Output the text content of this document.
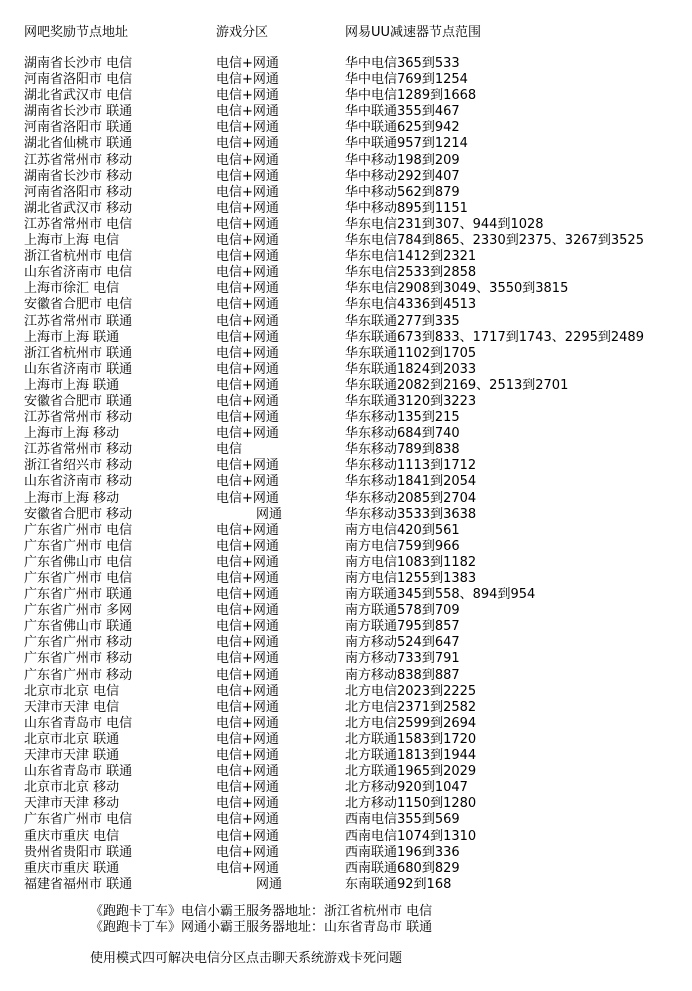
网吧奖励节点地址	游戏分区	网易UU减速器节点范围
湖南省长沙市 电信	电信+网通	华中电信365到533
河南省洛阳市 电信	电信+网通	华中电信769到1254
湖北省武汉市 电信	电信+网通	华中电信1289到1668
湖南省长沙市 联通	电信+网通	华中联通355到467
河南省洛阳市 联通	电信+网通	华中联通625到942
湖北省仙桃市 联通	电信+网通	华中联通957到1214
江苏省常州市 移动	电信+网通	华中移动198到209
湖南省长沙市 移动	电信+网通	华中移动292到407
河南省洛阳市 移动	电信+网通	华中移动562到879
湖北省武汉市 移动	电信+网通	华中移动895到1151
江苏省常州市 电信	电信+网通	华东电信231到307、944到1028
上海市上海 电信	电信+网通	华东电信784到865、2330到2375、3267到3525
浙江省杭州市 电信	电信+网通	华东电信1412到2321
山东省济南市 电信	电信+网通	华东电信2533到2858
上海市徐汇 电信	电信+网通	华东电信2908到3049、3550到3815
安徽省合肥市 电信	电信+网通	华东电信4336到4513
江苏省常州市 联通	电信+网通	华东联通277到335
上海市上海 联通	电信+网通	华东联通673到833、1717到1743、2295到2489
浙江省杭州市 联通	电信+网通	华东联通1102到1705
山东省济南市 联通	电信+网通	华东联通1824到2033
上海市上海 联通	电信+网通	华东联通2082到2169、2513到2701
安徽省合肥市 联通	电信+网通	华东联通3120到3223
江苏省常州市 移动	电信+网通	华东移动135到215
上海市上海 移动	电信+网通	华东移动684到740
江苏省常州市 移动	电信	华东移动789到838
浙江省绍兴市 移动	电信+网通	华东移动1113到1712
山东省济南市 移动	电信+网通	华东移动1841到2054
上海市上海 移动	电信+网通	华东移动2085到2704
安徽省合肥市 移动	网通	华东移动3533到3638
广东省广州市 电信	电信+网通	南方电信420到561
广东省广州市 电信	电信+网通	南方电信759到966
广东省佛山市 电信	电信+网通	南方电信1083到1182
广东省广州市 电信	电信+网通	南方电信1255到1383
广东省广州市 联通	电信+网通	南方联通345到558、894到954
广东省广州市 多网	电信+网通	南方联通578到709
广东省佛山市 联通	电信+网通	南方联通795到857
广东省广州市 移动	电信+网通	南方移动524到647
广东省广州市 移动	电信+网通	南方移动733到791
广东省广州市 移动	电信+网通	南方移动838到887
北京市北京 电信	电信+网通	北方电信2023到2225
天津市天津 电信	电信+网通	北方电信2371到2582
山东省青岛市 电信	电信+网通	北方电信2599到2694
北京市北京 联通	电信+网通	北方联通1583到1720
天津市天津 联通	电信+网通	北方联通1813到1944
山东省青岛市 联通	电信+网通	北方联通1965到2029
北京市北京 移动	电信+网通	北方移动920到1047
天津市天津 移动	电信+网通	北方移动1150到1280
广东省广州市 电信	电信+网通	西南电信355到569
重庆市重庆 电信	电信+网通	西南电信1074到1310
贵州省贵阳市 联通	电信+网通	西南联通196到336
重庆市重庆 联通	电信+网通	西南联通680到829
福建省福州市 联通	网通	东南联通92到168
《跑跑卡丁车》电信小霸王服务器地址：浙江省杭州市 电信
《跑跑卡丁车》网通小霸王服务器地址：山东省青岛市 联通
使用模式四可解决电信分区点击聊天系统游戏卡死问题
